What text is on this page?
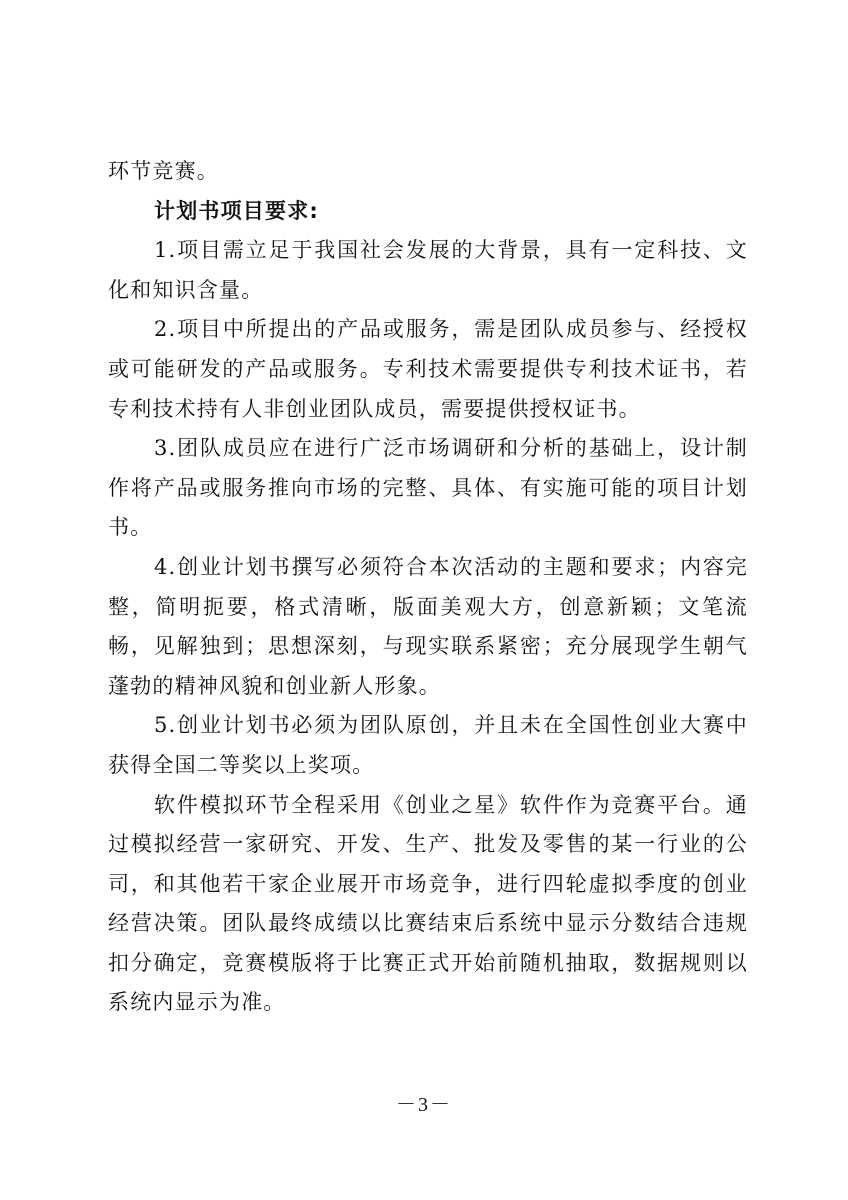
环节竞赛。

计划书项目要求:

1.项目需立足于我国社会发展的大背景，具有一定科技、文化和知识含量。

2.项目中所提出的产品或服务，需是团队成员参与、经授权或可能研发的产品或服务。专利技术需要提供专利技术证书，若专利技术持有人非创业团队成员，需要提供授权证书。

3.团队成员应在进行广泛市场调研和分析的基础上，设计制作将产品或服务推向市场的完整、具体、有实施可能的项目计划书。

4.创业计划书撰写必须符合本次活动的主题和要求；内容完整，简明扼要，格式清晰，版面美观大方，创意新颖；文笔流畅，见解独到；思想深刻，与现实联系紧密；充分展现学生朝气蓬勃的精神风貌和创业新人形象。

5.创业计划书必须为团队原创，并且未在全国性创业大赛中获得全国二等奖以上奖项。

软件模拟环节全程采用《创业之星》软件作为竞赛平台。通过模拟经营一家研究、开发、生产、批发及零售的某一行业的公司，和其他若干家企业展开市场竞争，进行四轮虚拟季度的创业经营决策。团队最终成绩以比赛结束后系统中显示分数结合违规扣分确定，竞赛模版将于比赛正式开始前随机抽取，数据规则以系统内显示为准。

－3－
